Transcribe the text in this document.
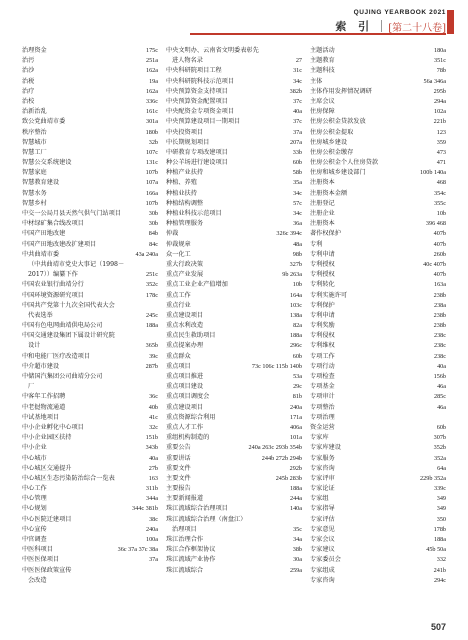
QUJING YEARBOOK 2021
索 引 [第二十八卷]
治理资金	175c
治污	251a
治沙	162a
治税	19a
治疗	162a
治校	336c
治新治乱	161c
致公党曲靖市委	301a
秩序整治	180b
智慧城市	32b
智慧工厂	107c
智慧公交系统建设	131c
智慧家庭	107b
智慧教育建设	107a
智慧水务	166a
智慧乡村	107b
中交一公局月县天然气供气门站项目	30b
中材绿矿集合线改项目	30b
中国产田地改建	84b
中国产田地改建改扩建项目	84c
中共曲靖市委	43a 240a
（中共曲靖市党史大事记（1998－
2017））编纂下作	251c
中国农业银行曲靖分行	352c
中国环境资源研究项目	178c
中国共产党第十九次全国代表大会
代表选举	245c
中国有色电网曲靖供电局公司	188a
中国交通建设集团下属设计研究院
设计	365b
中和电能厂医疗改造项目	39c
中介超市建设	287b
中储国汽集团公司曲靖分公司
厂
中客年工作招聘	36c
中老挝物流通道	40b
中试基地项目	41c
中小企业孵化中心项目	32c
中小企业园区扶持	151b
中小企业	343b
中心城市	40a
中心城区交通提升	27b
中心城区生态污染防治综合一览表	163
中心工作	311b
中心管理	344a
中心规划	344c 381b
中心医院迁建项目	38c
中心宣传	240a
中官调查	100a
中医科项目	36c 37a 37c 38a
中医医保项目	37a
中医医保政策宣传
会改造
中央文明办、云南省文明委表彰先
进人物名录	27
中央科研院项目工程	31c
中央科研院科技示范项目	34c
中央预算资金支持项目	382b
中央预算资金配置项目	37c
中央配资金专项资金项目	40a
中央预算建设项目一期项目	37c
中央投资项目	37a
中长期规划项目	207a
中研教育专项改建项目	33b
种公羊场进行建设项目	60b
种植产业扶持	58b
种植、养殖	35a
种植业扶持	34c
种植结构调整	57c
种植业科技示范项目	34c
种植管理服务	36a
仲裁	326c 394c
仲裁规章	48a
众一化工	98b
重大行政决策	327b
重点产业发展	9b 263a
重点工业企业产值增加	10b
重点工作	164a
重点行业	103c
重点建设项目	138a
重点水利改造	82a
重点民生救助项目	188a
重点提案办理	296c
重点群众	60b
重点项目	73c 106c 115b 140b
重点项目推进	53a
重点项目建设	29c
重点项目调度会	81b
重点建设项目	240a
重点资源综合利用	171a
重点人才工作	406a
重组机构制造的	101a
重要公告	240a 263c 293b 354b
重要讲话	244b 272b 294b
重要文件	292b
主要文件	245b 283b
主要报告	188a
主要新闻报道	244a
珠江流域综合治理项目	140a
珠江流域综合治理（南盘江）
治理项目	35c
珠江治理合作	34a
珠江合作框架协议	38b
珠江流域产业协作	30a
珠江流域综合	259a
主题活动	180a
主题教育	351c
主题科技	78b
主体	56a 346a
主体作用发挥情况调研	295b
主席会议	294a
住房保障	102a
住房公积金贷款发放	221b
住房公积金提取	123
住房城乡建设	359
住房公积金缴存	473
住房公积金个人住房贷款	471
住房和城乡建设部门	100b 140a
注册资本	468
注册资本金额	354c
注册登记	355c
注册企业	10b
注册资本	396 468
著作权保护	407b
专利	407b
专利申请	260b
专利授权	40c 407b
专利授权	407b
专利转化	163a
专利实施许可	238b
专利保护	238a
专利申请	238b
专利奖励	238b
专利侵权	238c
专利维权	238c
专项工作	238c
专项行动	40a
专项检查	156b
专项基金	46a
专项审计	285c
专项整治	46a
专项治理
资金运营	60b
专家库	307b
专家库建设	352b
专家服务	352a
专家咨询	64a
专家评审	229b 352a
专家论证	339c
专家组	349
专家指导	349
专家评估	350
专家意见	178b
专家会议	188a
专家建议	45b 50a
专家委员会	332
专家组成	241b
专家咨询	294c
507
